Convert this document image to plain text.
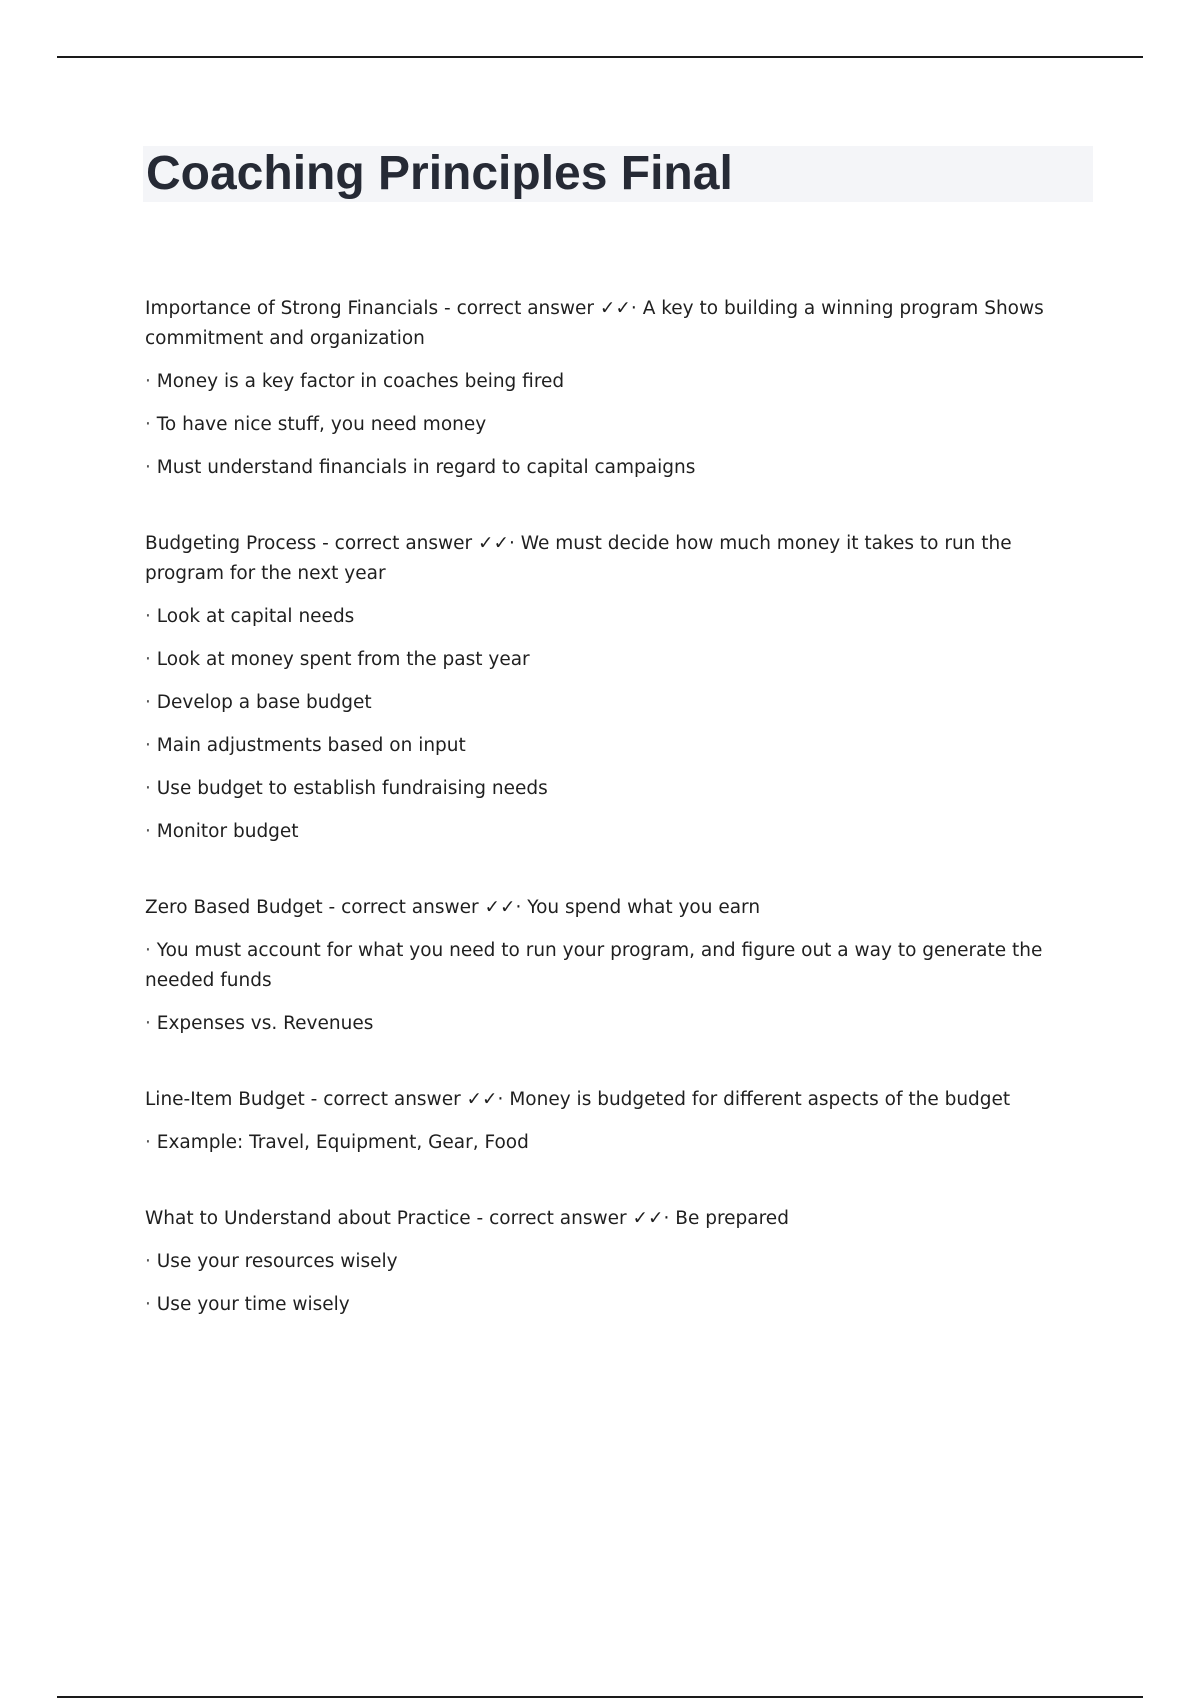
Coaching Principles Final

Importance of Strong Financials - correct answer ✓✓· A key to building a winning program Shows commitment and organization

· Money is a key factor in coaches being fired

· To have nice stuff, you need money

· Must understand financials in regard to capital campaigns

Budgeting Process - correct answer ✓✓· We must decide how much money it takes to run the program for the next year

· Look at capital needs

· Look at money spent from the past year

· Develop a base budget

· Main adjustments based on input

· Use budget to establish fundraising needs

· Monitor budget

Zero Based Budget - correct answer ✓✓· You spend what you earn

· You must account for what you need to run your program, and figure out a way to generate the needed funds

· Expenses vs. Revenues

Line-Item Budget - correct answer ✓✓· Money is budgeted for different aspects of the budget

· Example: Travel, Equipment, Gear, Food

What to Understand about Practice - correct answer ✓✓· Be prepared

· Use your resources wisely

· Use your time wisely
